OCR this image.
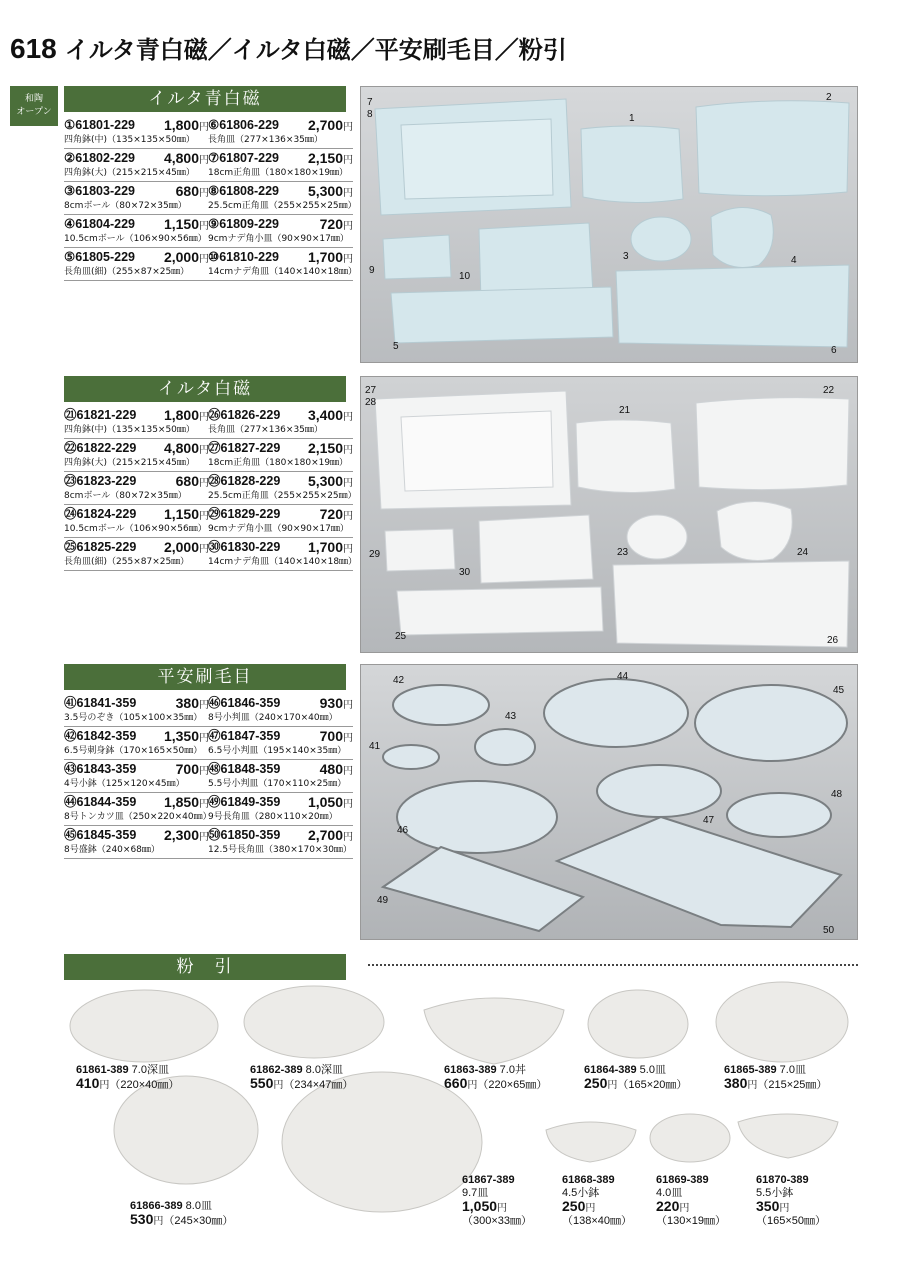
618 イルタ青白磁／イルタ白磁／平安刷毛目／粉引
和陶
オープン
イルタ青白磁
①61801-229 1,800円
四角鉢(中)（135×135×50㎜）
②61802-229 4,800円
四角鉢(大)（215×215×45㎜）
③61803-229	680円
8cmボール（80×72×35㎜）
④61804-229 1,150円
10.5cmボール（106×90×56㎜）
⑤61805-229 2,000円
長角皿(細)（255×87×25㎜）
⑥61806-229 2,700円
長角皿（277×136×35㎜）
⑦61807-229 2,150円
18cm正角皿（180×180×19㎜）
⑧61808-229 5,300円
25.5cm正角皿（255×255×25㎜）
⑨61809-229	720円
9cmナデ角小皿（90×90×17㎜）
⑩61810-229 1,700円
14cmナデ角皿（140×140×18㎜）
7
8	1
2
3	4
9
10
5	6
イルタ白磁
㉑61821-229 1,800円
四角鉢(中)（135×135×50㎜）
㉒61822-229 4,800円
四角鉢(大)（215×215×45㎜）
㉓61823-229	680円
8cmボール（80×72×35㎜）
㉔61824-229 1,150円
10.5cmボール（106×90×56㎜）
㉕61825-229 2,000円
長角皿(細)（255×87×25㎜）
㉖61826-229 3,400円
長角皿（277×136×35㎜）
㉗61827-229 2,150円
18cm正角皿（180×180×19㎜）
㉘61828-229 5,300円
25.5cm正角皿（255×255×25㎜）
㉙61829-229	720円
9cmナデ角小皿（90×90×17㎜）
㉚61830-229 1,700円
14cmナデ角皿（140×140×18㎜）
27
28
21
22
29
30
23	24
25	26
平安刷毛目
㊶61841-359	380円
3.5号のぞき（105×100×35㎜）
㊷61842-359 1,350円
6.5号刺身鉢（170×165×50㎜）
㊸61843-359	700円
4号小鉢（125×120×45㎜）
㊹61844-359 1,850円
8号トンカツ皿（250×220×40㎜）
㊺61845-359 2,300円
8号盛鉢（240×68㎜）
㊻61846-359	930円
8号小判皿（240×170×40㎜）
㊼61847-359	700円
6.5号小判皿（195×140×35㎜）
㊽61848-359	480円
5.5号小判皿（170×110×25㎜）
㊾61849-359 1,050円
9号長角皿（280×110×20㎜）
㊿61850-359 2,700円
12.5号長角皿（380×170×30㎜）
42	44
45
43
41
48
46
47
49
50
粉　引
61861-389 7.0深皿
410円（220×40㎜）
61862-389 8.0深皿
550円（234×47㎜）
61863-389 7.0丼
660円（220×65㎜）
61864-389 5.0皿
250円（165×20㎜）
61865-389 7.0皿
380円（215×25㎜）
61866-389 8.0皿
530円（245×30㎜）
61867-389
9.7皿
1,050円
（300×33㎜）
61868-389
4.5小鉢
250円
（138×40㎜）
61869-389
4.0皿
220円
（130×19㎜）
61870-389
5.5小鉢
350円
（165×50㎜）
